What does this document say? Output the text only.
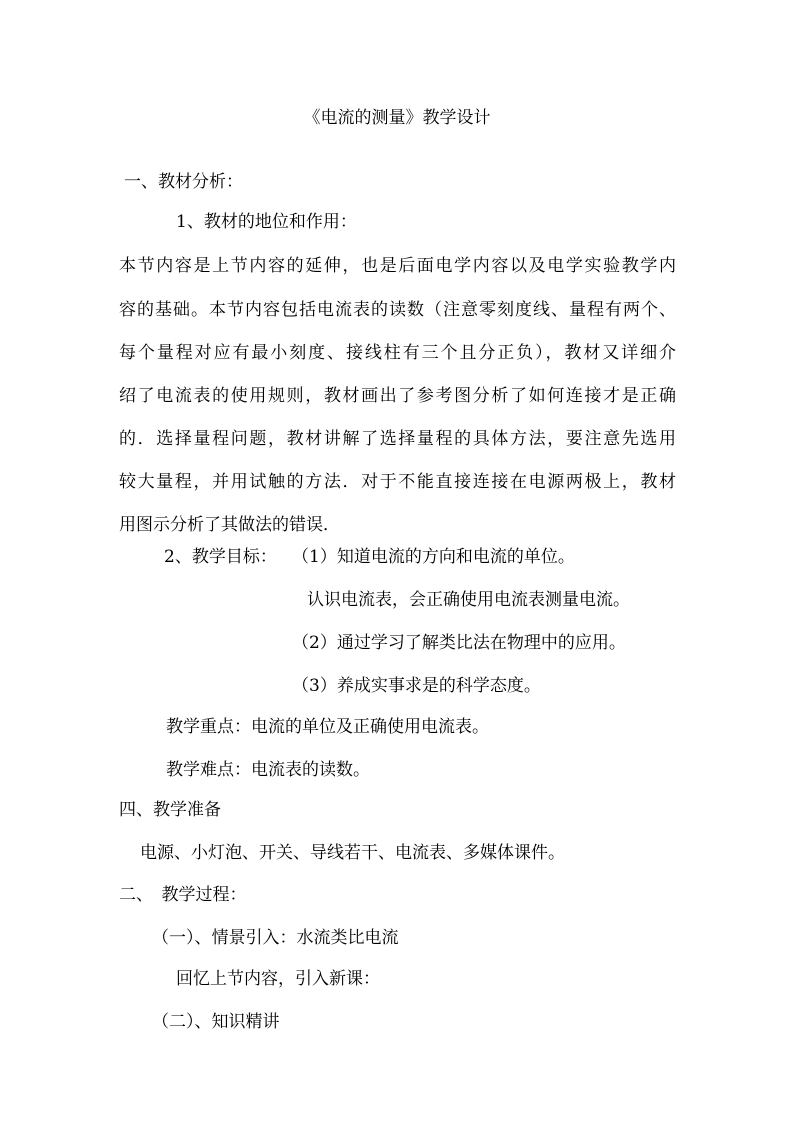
《电流的测量》教学设计
一、教材分析：
1、教材的地位和作用：
本节内容是上节内容的延伸，也是后面电学内容以及电学实验教学内
容的基础。本节内容包括电流表的读数（注意零刻度线、量程有两个、
每个量程对应有最小刻度、接线柱有三个且分正负），教材又详细介
绍了电流表的使用规则，教材画出了参考图分析了如何连接才是正确
的．选择量程问题，教材讲解了选择量程的具体方法，要注意先选用
较大量程，并用试触的方法．对于不能直接连接在电源两极上，教材
用图示分析了其做法的错误．
2、教学目标： （1）知道电流的方向和电流的单位。
认识电流表，会正确使用电流表测量电流。
（2）通过学习了解类比法在物理中的应用。
（3）养成实事求是的科学态度。
教学重点：电流的单位及正确使用电流表。
教学难点：电流表的读数。
四、教学准备
电源、小灯泡、开关、导线若干、电流表、多媒体课件。
二、　教学过程：
（一）、情景引入：水流类比电流
回忆上节内容，引入新课：
（二）、知识精讲
